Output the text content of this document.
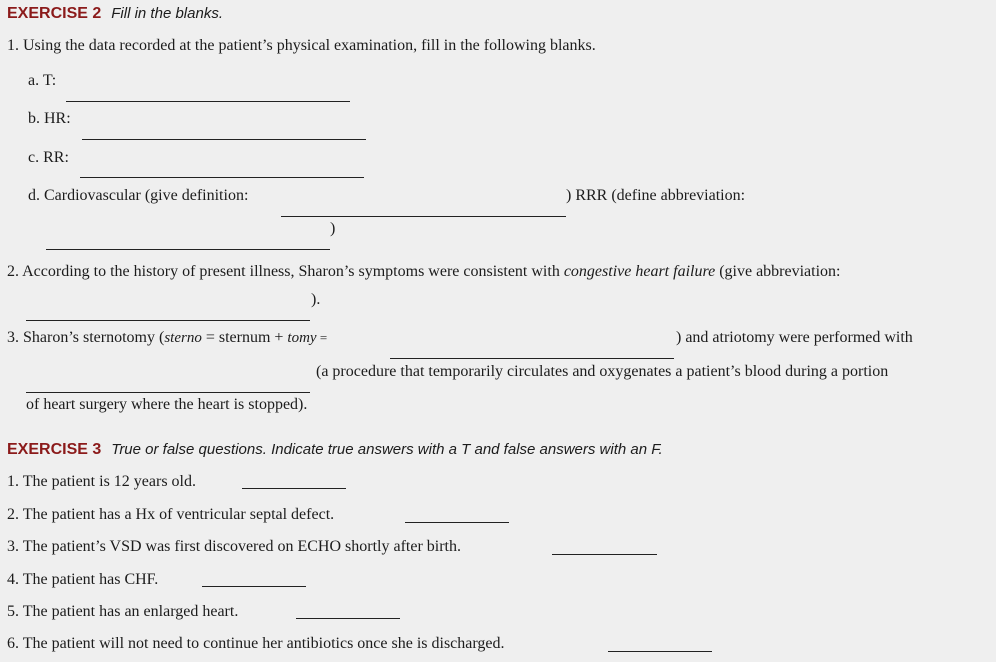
EXERCISE 2 Fill in the blanks.
1. Using the data recorded at the patient’s physical examination, fill in the following blanks.
a. T:
b. HR:
c. RR:
d. Cardiovascular (give definition:	) RRR (define abbreviation:
)
2. According to the history of present illness, Sharon’s symptoms were consistent with congestive heart failure (give abbreviation:
).
3. Sharon’s sternotomy (sterno = sternum + tomy =	) and atriotomy were performed with
(a procedure that temporarily circulates and oxygenates a patient’s blood during a portion
of heart surgery where the heart is stopped).
EXERCISE 3 True or false questions. Indicate true answers with a T and false answers with an F.
1. The patient is 12 years old.
2. The patient has a Hx of ventricular septal defect.
3. The patient’s VSD was first discovered on ECHO shortly after birth.
4. The patient has CHF.
5. The patient has an enlarged heart.
6. The patient will not need to continue her antibiotics once she is discharged.
